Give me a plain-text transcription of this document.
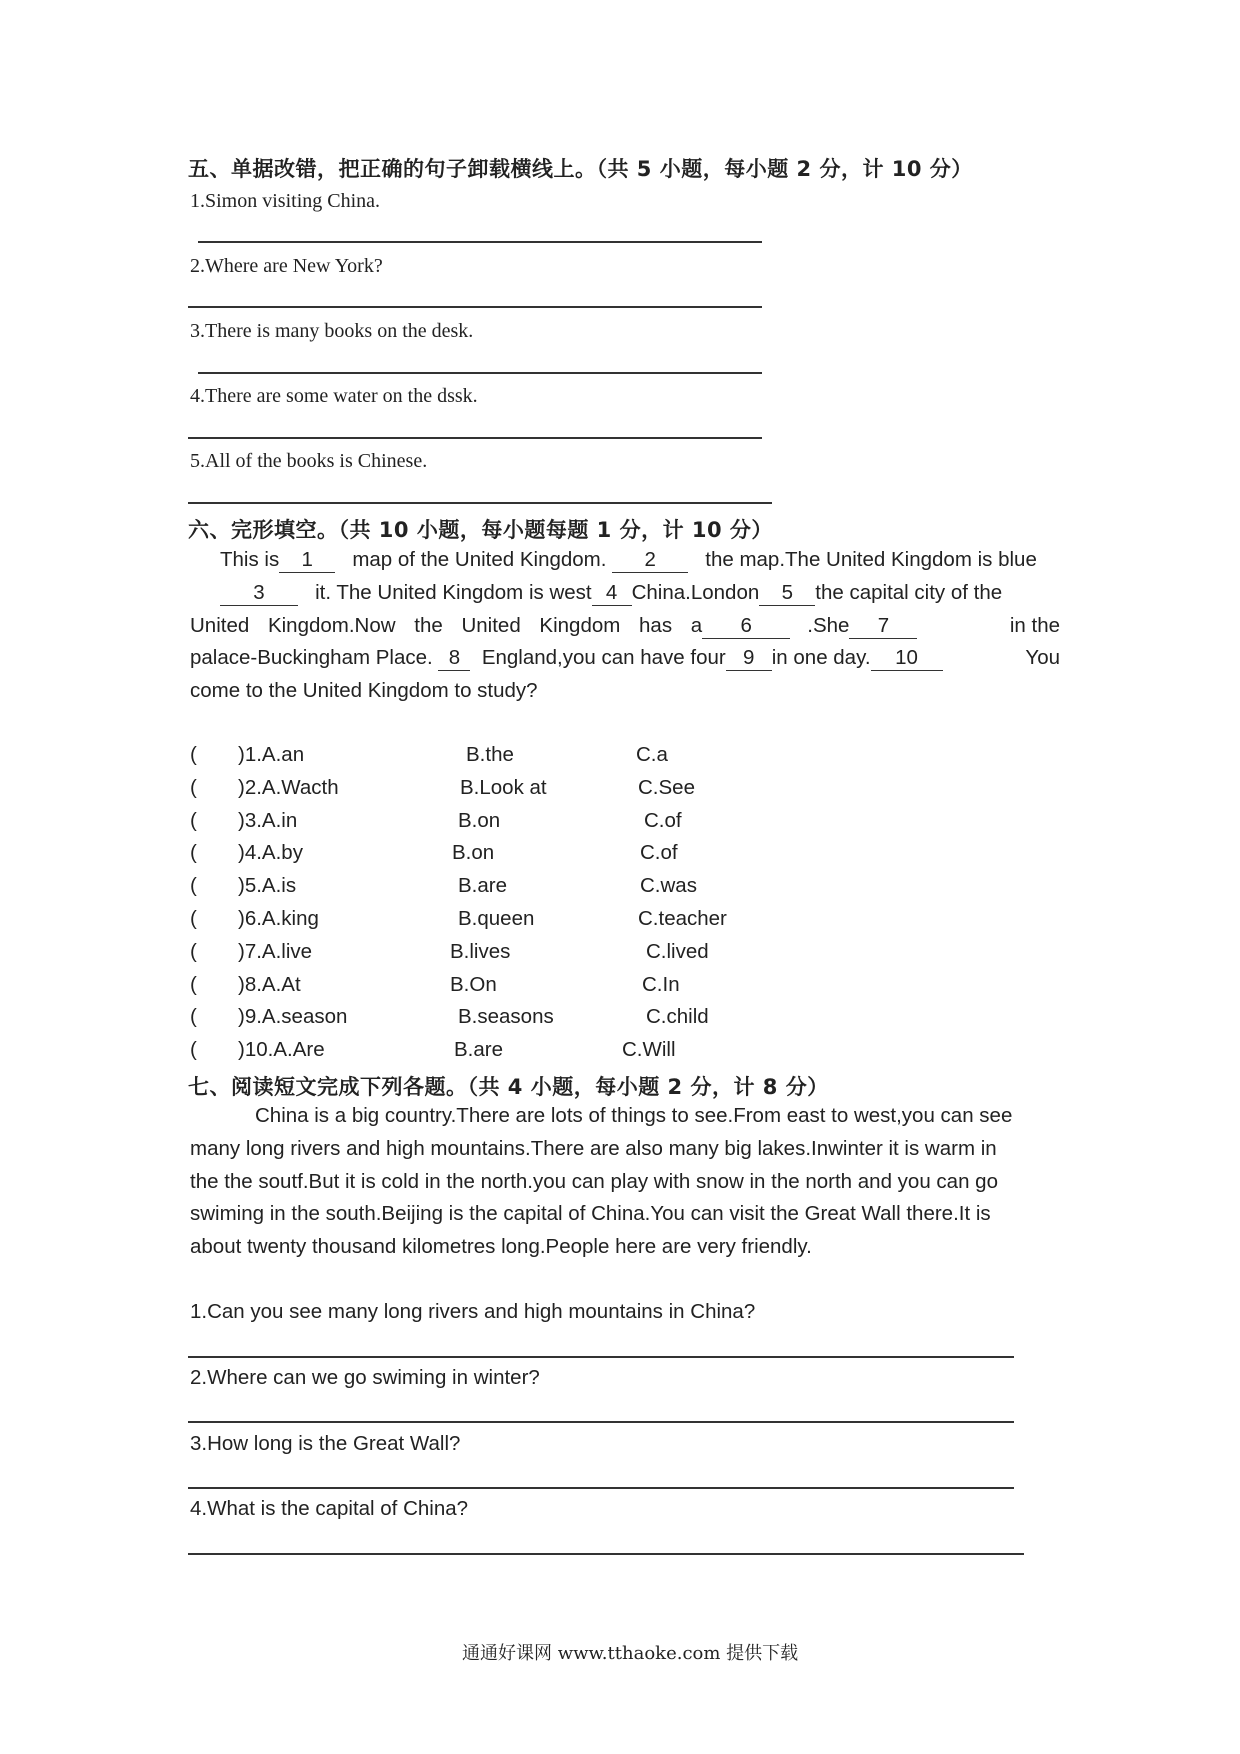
五、单据改错，把正确的句子卸载横线上。（共 5 小题，每小题 2 分，计 10 分）
1.Simon visiting China.
2.Where are New York?
3.There is many books on the desk.
4.There are some water on the dssk.
5.All of the books is Chinese.
六、完形填空。（共 10 小题，每小题每题 1 分，计 10 分）
This is 1 map of the United Kingdom. 2 the map.The United Kingdom is blue
3 it. The United Kingdom is west 4 China.London 5 the capital city of the
United Kingdom.Now the United Kingdom has a 6	.She 7	in the
palace-Buckingham Place. 8 England,you can have four 9 in one day. 10	You
come to the United Kingdom to study?
( )1.A.an	B.the	C.a
( )2.A.Wacth	B.Look at	C.See
( )3.A.in	B.on	C.of
( )4.A.by	B.on	C.of
( )5.A.is	B.are	C.was
( )6.A.king	B.queen	C.teacher
( )7.A.live	B.lives	C.lived
( )8.A.At	B.On	C.In
( )9.A.season	B.seasons	C.child
( )10.A.Are	B.are	C.Will
七、阅读短文完成下列各题。（共 4 小题，每小题 2 分，计 8 分）
China is a big country.There are lots of things to see.From east to west,you can see
many long rivers and high mountains.There are also many big lakes.Inwinter it is warm in
the the soutf.But it is cold in the north.you can play with snow in the north and you can go
swiming in the south.Beijing is the capital of China.You can visit the Great Wall there.It is
about twenty thousand kilometres long.People here are very friendly.
1.Can you see many long rivers and high mountains in China?
2.Where can we go swiming in winter?
3.How long is the Great Wall?
4.What is the capital of China?
通通好课网 www.tthaoke.com 提供下载
